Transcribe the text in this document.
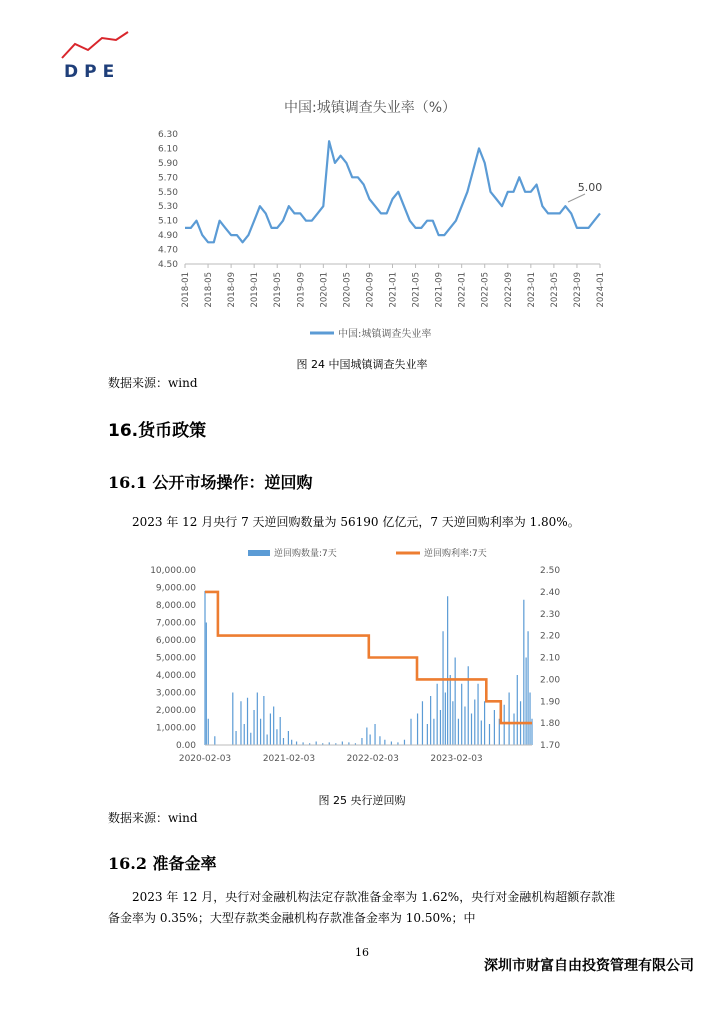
DPE
中国:城镇调查失业率（%）
6.30
6.10
5.90
5.70
5.50
5.30
5.10
4.90
4.70
4.50
2018-01 2018-05 2018-09 2019-01 2019-05 2019-09 2020-01 2020-05 2020-09 2021-01 2021-05 2021-09 2022-01 2022-05 2022-09 2023-01 2023-05 2023-09 2024-01
5.00
中国:城镇调查失业率
图 24 中国城镇调查失业率
数据来源：wind
16.货币政策
16.1 公开市场操作：逆回购
2023 年 12 月央行 7 天逆回购数量为 56190 亿亿元，7 天逆回购利率为 1.80%。
逆回购数量:7天	逆回购利率:7天
10,000.00
9,000.00
8,000.00
7,000.00
6,000.00
5,000.00
4,000.00
3,000.00
2,000.00
1,000.00
0.00
2.50
2.40
2.30
2.20
2.10
2.00
1.90
1.80
1.70
2020-02-03	2021-02-03	2022-02-03	2023-02-03
图 25 央行逆回购
数据来源：wind
16.2 准备金率
2023 年 12 月，央行对金融机构法定存款准备金率为 1.62%，央行对金融机构超额存款准备金率为 0.35%；大型存款类金融机构存款准备金率为 10.50%；中
16
深圳市财富自由投资管理有限公司
